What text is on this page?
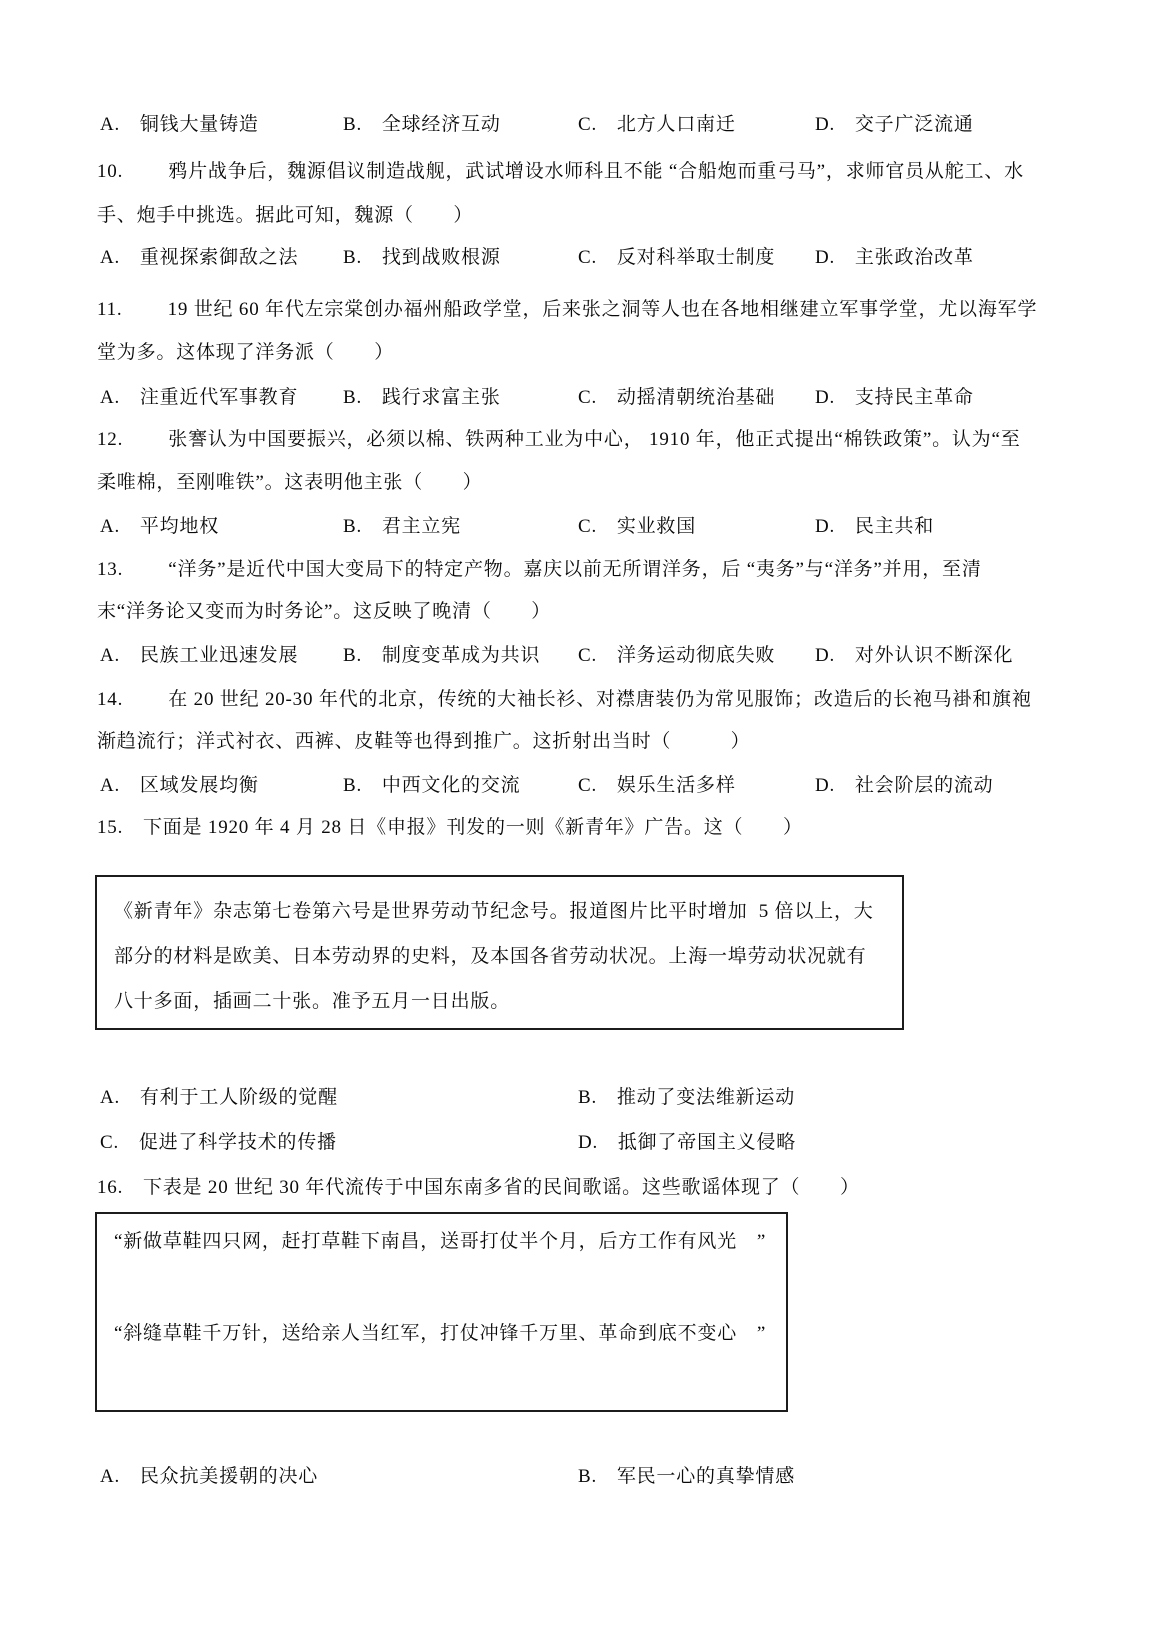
A.　铜钱大量铸造	B.　全球经济互动	C.　北方人口南迁	D.　交子广泛流通
10.　　 鸦片战争后，魏源倡议制造战舰，武试增设水师科且不能 “合船炮而重弓马”，求师官员从舵工、水
手、炮手中挑选。据此可知，魏源（　　）
A.　重视探索御敌之法 B.　找到战败根源	C.　反对科举取士制度 D.　主张政治改革
11.　　 19 世纪 60 年代左宗棠创办福州船政学堂，后来张之洞等人也在各地相继建立军事学堂，尤以海军学
堂为多。这体现了洋务派（　　）
A.　注重近代军事教育 B.　践行求富主张	C.　动摇清朝统治基础 D.　支持民主革命
12.　　 张謇认为中国要振兴，必须以棉、铁两种工业为中心， 1910 年，他正式提出“棉铁政策”。认为“至
柔唯棉，至刚唯铁”。这表明他主张（　　）
A.　平均地权	B.　君主立宪	C.　实业救国	D.　民主共和
13.　　 “洋务”是近代中国大变局下的特定产物。嘉庆以前无所谓洋务，后 “夷务”与“洋务”并用，至清
末“洋务论又变而为时务论”。这反映了晚清（　　）
A.　民族工业迅速发展 B.　制度变革成为共识 C.　洋务运动彻底失败 D.　对外认识不断深化
14.　　 在 20 世纪 20-30 年代的北京，传统的大袖长衫、对襟唐装仍为常见服饰；改造后的长袍马褂和旗袍
渐趋流行；洋式衬衣、西裤、皮鞋等也得到推广。这折射出当时（　　　）
A.　区域发展均衡	B.　中西文化的交流	C.　娱乐生活多样	D.　社会阶层的流动
15.　下面是 1920 年 4 月 28 日《申报》刊发的一则《新青年》广告。这（　　）
《新青年》杂志第七卷第六号是世界劳动节纪念号。报道图片比平时增加  5 倍以上，大
部分的材料是欧美、日本劳动界的史料，及本国各省劳动状况。上海一埠劳动状况就有
八十多面，插画二十张。准予五月一日出版。
A.　有利于工人阶级的觉醒	B.　推动了变法维新运动
C.　促进了科学技术的传播	D.　抵御了帝国主义侵略
16.　下表是 20 世纪 30 年代流传于中国东南多省的民间歌谣。这些歌谣体现了（　　）
“新做草鞋四只网，赶打草鞋下南昌，送哥打仗半个月，后方工作有风光　”
“斜缝草鞋千万针，送给亲人当红军，打仗冲锋千万里、革命到底不变心　”
A.　民众抗美援朝的决心	B.　军民一心的真挚情感
